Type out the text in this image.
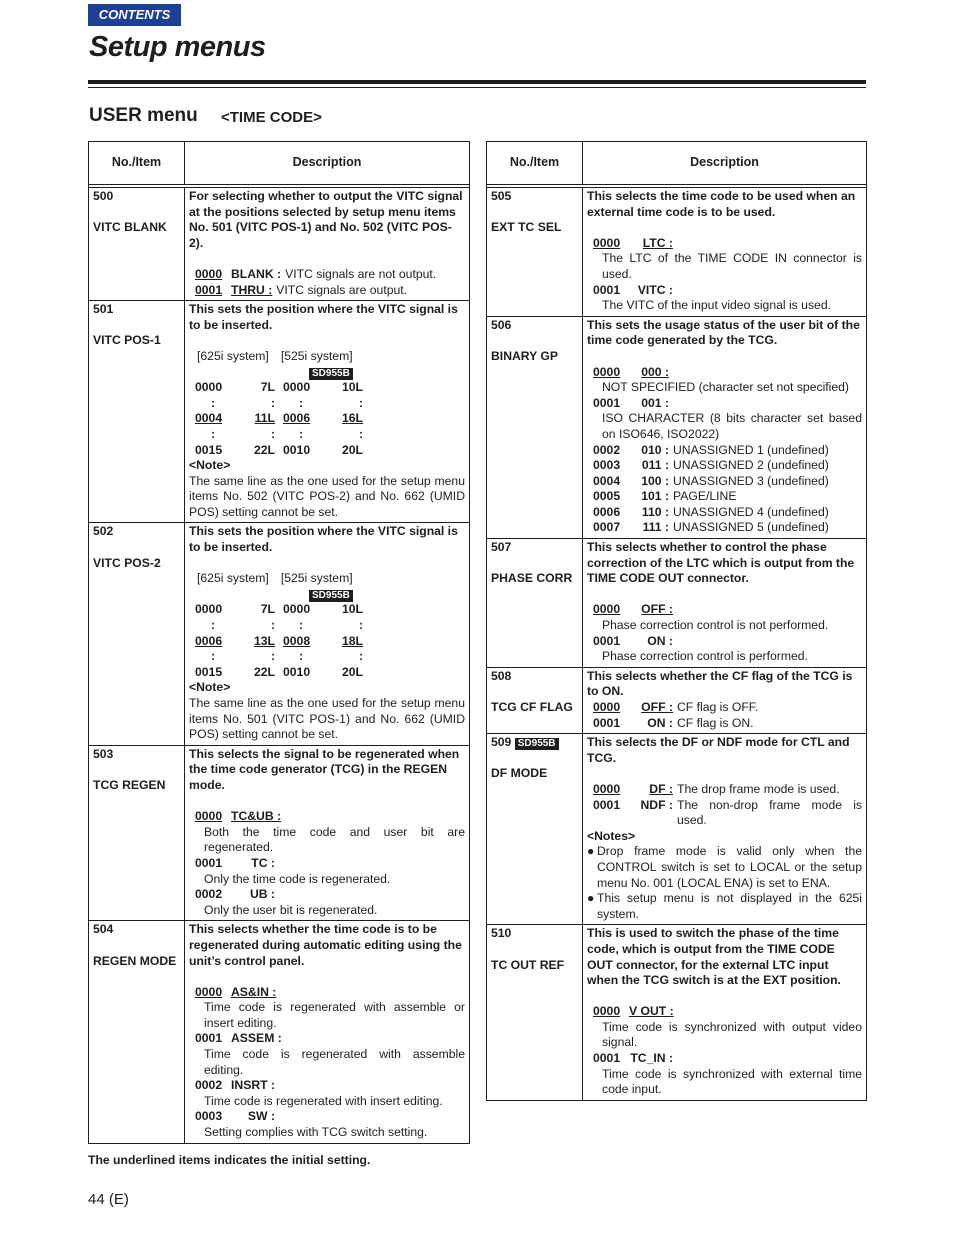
CONTENTS
Setup menus
USER menu <TIME CODE>
No./Item	Description
500
VITC BLANK
For selecting whether to output the VITC signal at the positions selected by setup menu items No. 501 (VITC POS-1) and No. 502 (VITC POS-2).
0000 BLANK : VITC signals are not output.
0001 THRU : VITC signals are output.
501
VITC POS-1
This sets the position where the VITC signal is to be inserted.
[625i system] [525i system]
SD955B
0000	7L 0000	10L
:	:	:	:
0004	11L 0006	16L
:	:	:	:
0015	22L 0010	20L
<Note>
The same line as the one used for the setup menu items No. 502 (VITC POS-2) and No. 662 (UMID POS) setting cannot be set.
502
VITC POS-2
This sets the position where the VITC signal is to be inserted.
[625i system] [525i system]
SD955B
0000	7L 0000	10L
:	:	:	:
0006	13L 0008	18L
:	:	:	:
0015	22L 0010	20L
<Note>
The same line as the one used for the setup menu items No. 501 (VITC POS-1) and No. 662 (UMID POS) setting cannot be set.
503
TCG REGEN
This selects the signal to be regenerated when the time code generator (TCG) in the REGEN mode.
0000 TC&UB :
Both the time code and user bit are regenerated.
0001	TC :
Only the time code is regenerated.
0002	UB :
Only the user bit is regenerated.
504
REGEN MODE
This selects whether the time code is to be regenerated during automatic editing using the unit’s control panel.
0000 AS&IN :
Time code is regenerated with assemble or insert editing.
0001 ASSEM :
Time code is regenerated with assemble editing.
0002 INSRT :
Time code is regenerated with insert editing.
0003	SW :
Setting complies with TCG switch setting.
No./Item	Description
505
EXT TC SEL
This selects the time code to be used when an external time code is to be used.
0000	LTC :
The LTC of the TIME CODE IN connector is used.
0001	VITC :
The VITC of the input video signal is used.
506
BINARY GP
This sets the usage status of the user bit of the time code generated by the TCG.
0000	000 :
NOT SPECIFIED (character set not specified)
0001	001 :
ISO CHARACTER (8 bits character set based on ISO646, ISO2022)
0002	010 : UNASSIGNED 1 (undefined)
0003	011 : UNASSIGNED 2 (undefined)
0004	100 : UNASSIGNED 3 (undefined)
0005	101 : PAGE/LINE
0006	110 : UNASSIGNED 4 (undefined)
0007	111 : UNASSIGNED 5 (undefined)
507
PHASE CORR
This selects whether to control the phase correction of the LTC which is output from the TIME CODE OUT connector.
0000	OFF :
Phase correction control is not performed.
0001	ON :
Phase correction control is performed.
508
TCG CF FLAG
This selects whether the CF flag of the TCG is to ON.
0000	OFF : CF flag is OFF.
0001	ON : CF flag is ON.
509 SD955B
DF MODE
This selects the DF or NDF mode for CTL and TCG.
0000	DF : The drop frame mode is used.
0001	NDF : The non-drop frame mode is used.
<Notes>
● Drop frame mode is valid only when the CONTROL switch is set to LOCAL or the setup menu No. 001 (LOCAL ENA) is set to ENA.
● This setup menu is not displayed in the 625i system.
510
TC OUT REF
This is used to switch the phase of the time code, which is output from the TIME CODE OUT connector, for the external LTC input when the TCG switch is at the EXT position.
0000 V OUT :
Time code is synchronized with output video signal.
0001 TC_IN :
Time code is synchronized with external time code input.
The underlined items indicates the initial setting.
44 (E)
